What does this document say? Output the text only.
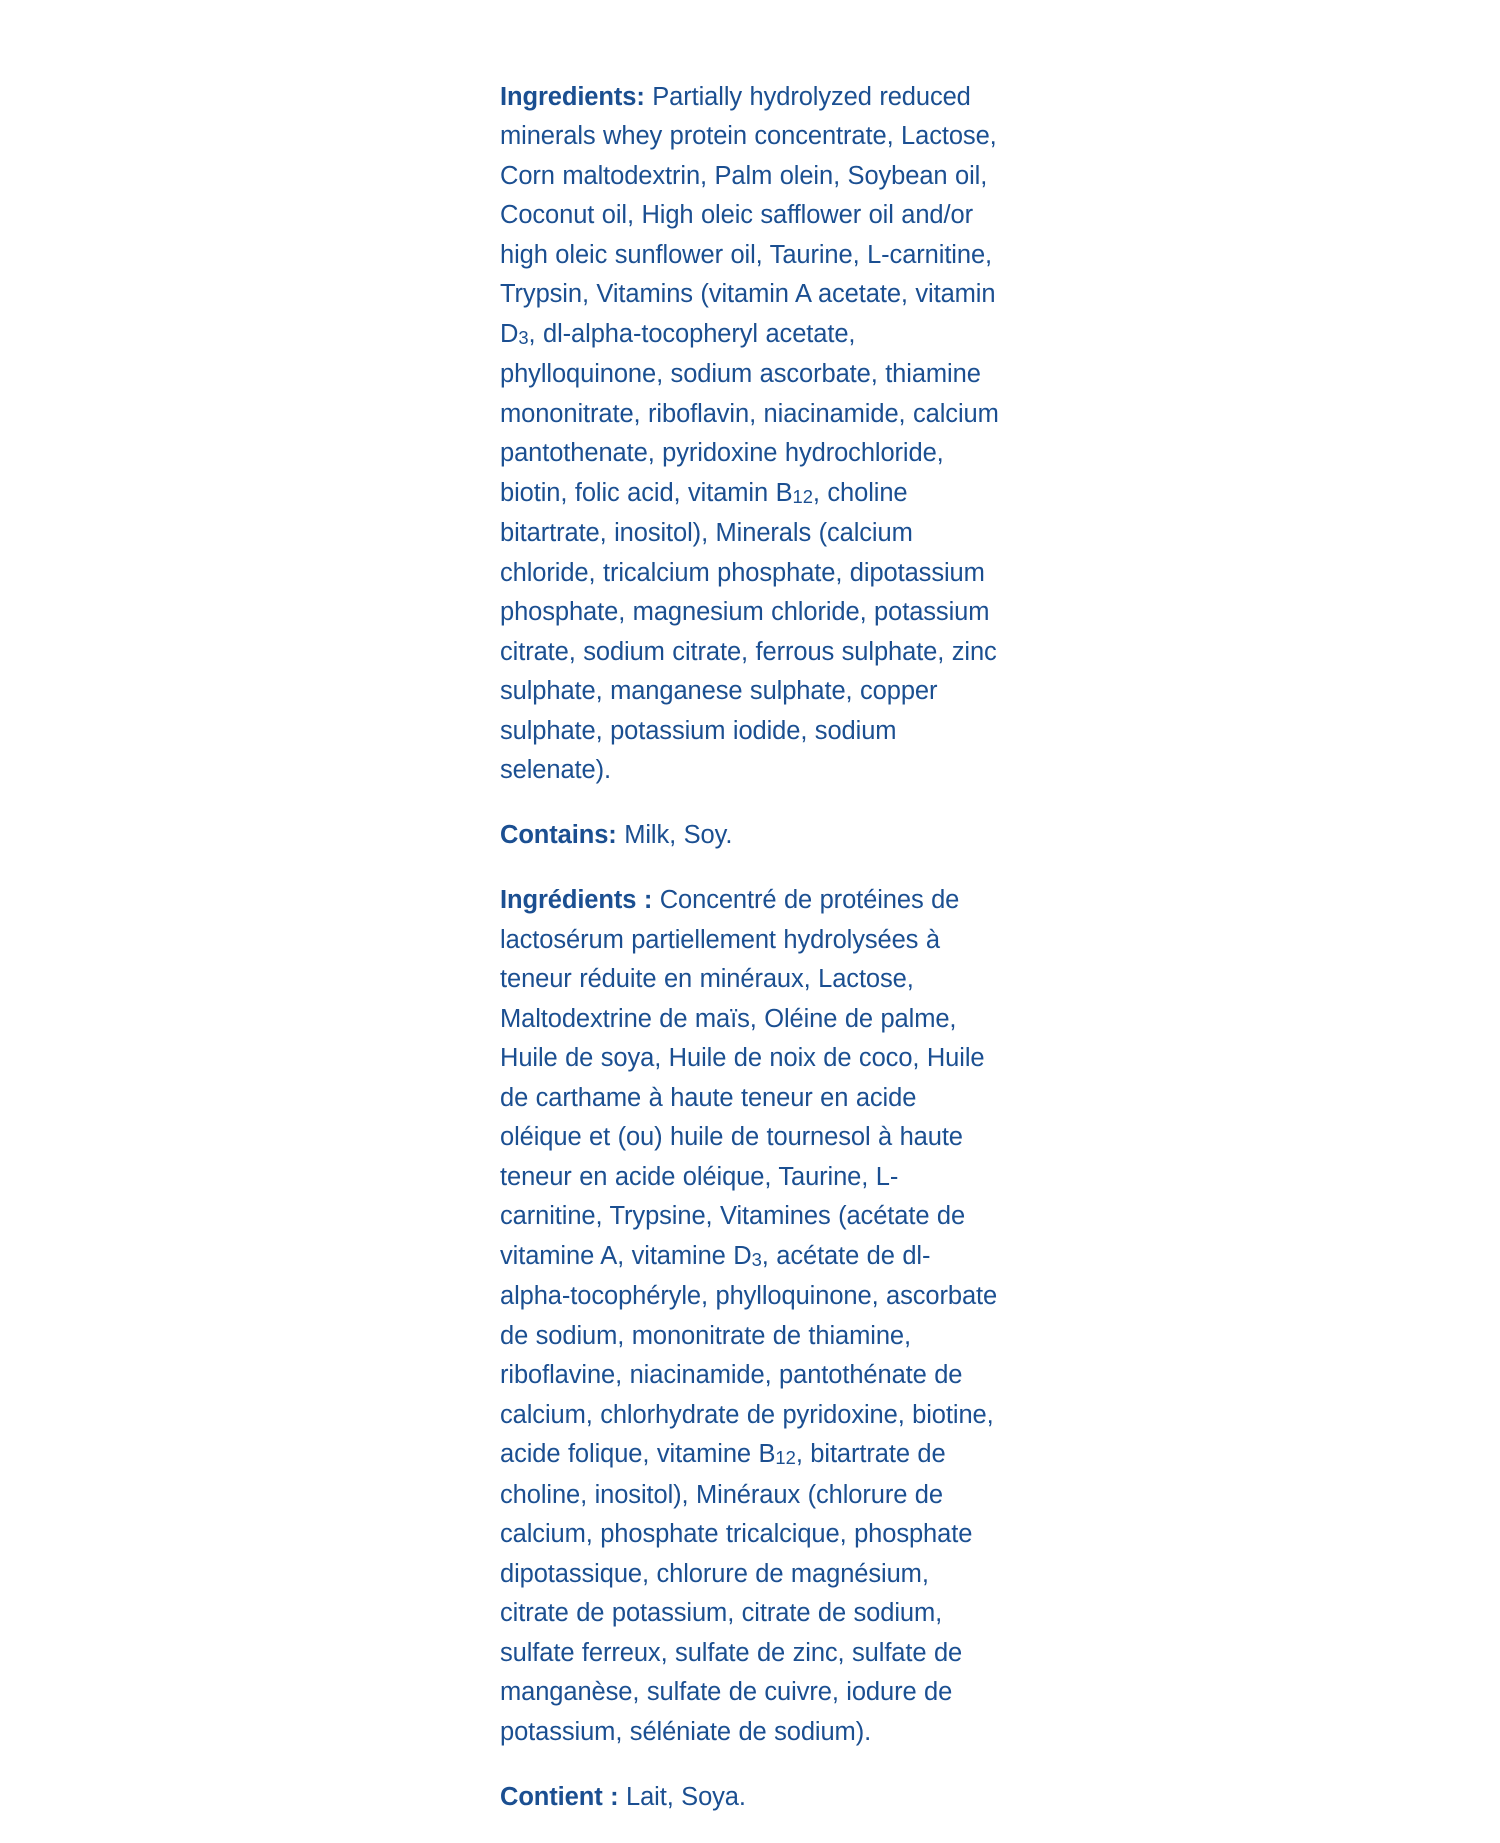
Ingredients: Partially hydrolyzed reduced minerals whey protein concentrate, Lactose, Corn maltodextrin, Palm olein, Soybean oil, Coconut oil, High oleic safflower oil and/or high oleic sunflower oil, Taurine, L-carnitine, Trypsin, Vitamins (vitamin A acetate, vitamin D3, dl-alpha-tocopheryl acetate, phylloquinone, sodium ascorbate, thiamine mononitrate, riboflavin, niacinamide, calcium pantothenate, pyridoxine hydrochloride, biotin, folic acid, vitamin B12, choline bitartrate, inositol), Minerals (calcium chloride, tricalcium phosphate, dipotassium phosphate, magnesium chloride, potassium citrate, sodium citrate, ferrous sulphate, zinc sulphate, manganese sulphate, copper sulphate, potassium iodide, sodium selenate).

Contains: Milk, Soy.

Ingrédients : Concentré de protéines de lactosérum partiellement hydrolysées à teneur réduite en minéraux, Lactose, Maltodextrine de maïs, Oléine de palme, Huile de soya, Huile de noix de coco, Huile de carthame à haute teneur en acide oléique et (ou) huile de tournesol à haute teneur en acide oléique, Taurine, L-carnitine, Trypsine, Vitamines (acétate de vitamine A, vitamine D3, acétate de dl-alpha-tocophéryle, phylloquinone, ascorbate de sodium, mononitrate de thiamine, riboflavine, niacinamide, pantothénate de calcium, chlorhydrate de pyridoxine, biotine, acide folique, vitamine B12, bitartrate de choline, inositol), Minéraux (chlorure de calcium, phosphate tricalcique, phosphate dipotassique, chlorure de magnésium, citrate de potassium, citrate de sodium, sulfate ferreux, sulfate de zinc, sulfate de manganèse, sulfate de cuivre, iodure de potassium, séléniate de sodium).

Contient : Lait, Soya.
